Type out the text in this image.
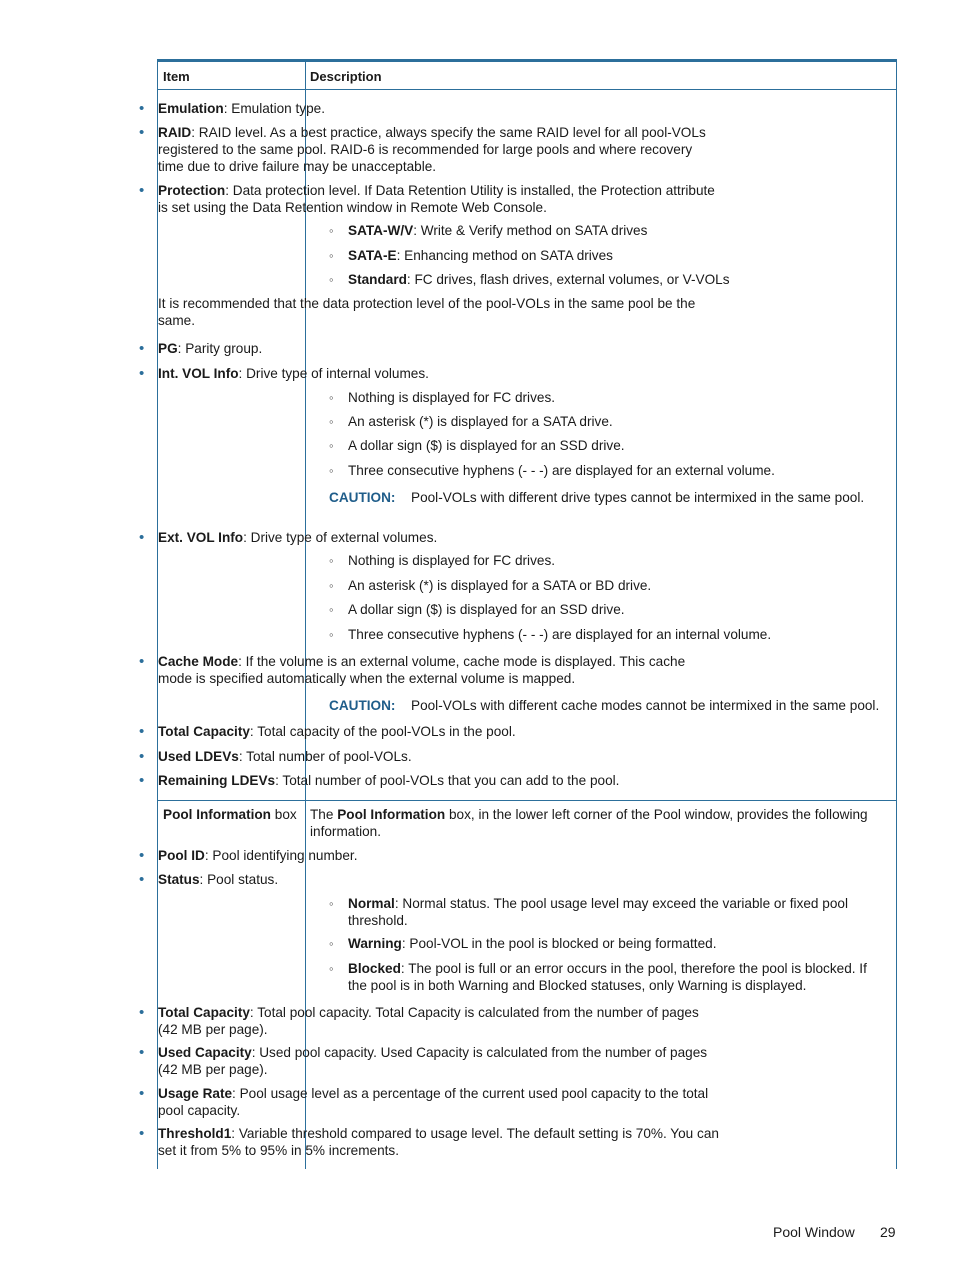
Item	Description
• Emulation: Emulation type.
• RAID: RAID level. As a best practice, always specify the same RAID level for all pool-VOLs registered to the same pool. RAID-6 is recommended for large pools and where recovery time due to drive failure may be unacceptable.
• Protection: Data protection level. If Data Retention Utility is installed, the Protection attribute is set using the Data Retention window in Remote Web Console.
◦ SATA-W/V: Write & Verify method on SATA drives
◦ SATA-E: Enhancing method on SATA drives
◦ Standard: FC drives, flash drives, external volumes, or V-VOLs
It is recommended that the data protection level of the pool-VOLs in the same pool be the same.
• PG: Parity group.
• Int. VOL Info: Drive type of internal volumes.
◦ Nothing is displayed for FC drives.
◦ An asterisk (*) is displayed for a SATA drive.
◦ A dollar sign ($) is displayed for an SSD drive.
◦ Three consecutive hyphens (- - -) are displayed for an external volume.
CAUTION: Pool-VOLs with different drive types cannot be intermixed in the same pool.
• Ext. VOL Info: Drive type of external volumes.
◦ Nothing is displayed for FC drives.
◦ An asterisk (*) is displayed for a SATA or BD drive.
◦ A dollar sign ($) is displayed for an SSD drive.
◦ Three consecutive hyphens (- - -) are displayed for an internal volume.
• Cache Mode: If the volume is an external volume, cache mode is displayed. This cache mode is specified automatically when the external volume is mapped.
CAUTION: Pool-VOLs with different cache modes cannot be intermixed in the same pool.
• Total Capacity: Total capacity of the pool-VOLs in the pool.
• Used LDEVs: Total number of pool-VOLs.
• Remaining LDEVs: Total number of pool-VOLs that you can add to the pool.
Pool Information box The Pool Information box, in the lower left corner of the Pool window, provides the following information.
• Pool ID: Pool identifying number.
• Status: Pool status.
◦ Normal: Normal status. The pool usage level may exceed the variable or fixed pool threshold.
◦ Warning: Pool-VOL in the pool is blocked or being formatted.
◦ Blocked: The pool is full or an error occurs in the pool, therefore the pool is blocked. If the pool is in both Warning and Blocked statuses, only Warning is displayed.
• Total Capacity: Total pool capacity. Total Capacity is calculated from the number of pages (42 MB per page).
• Used Capacity: Used pool capacity. Used Capacity is calculated from the number of pages (42 MB per page).
• Usage Rate: Pool usage level as a percentage of the current used pool capacity to the total pool capacity.
• Threshold1: Variable threshold compared to usage level. The default setting is 70%. You can set it from 5% to 95% in 5% increments.
Pool Window 29
